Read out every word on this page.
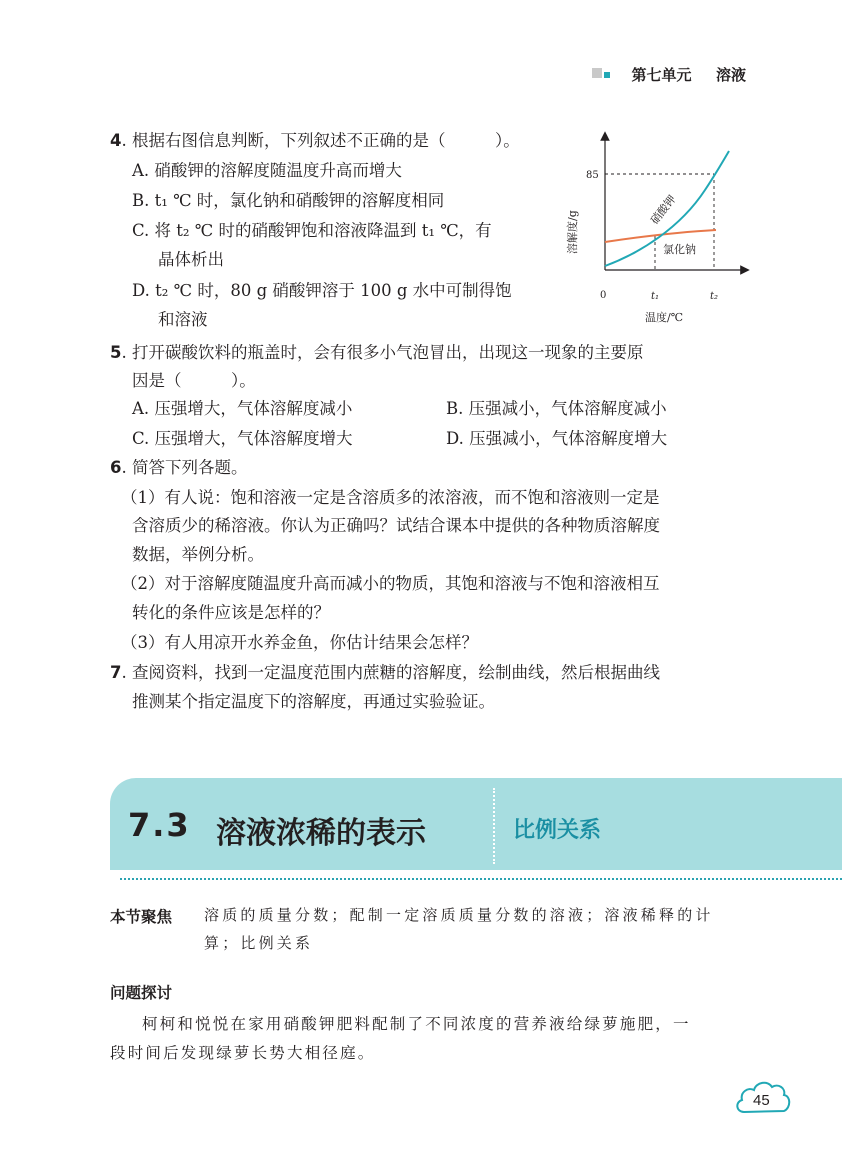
第七单元 溶液
4. 根据右图信息判断，下列叙述不正确的是（　　　）。
A. 硝酸钾的溶解度随温度升高而增大
B. t₁ ℃ 时，氯化钠和硝酸钾的溶解度相同
C. 将 t₂ ℃ 时的硝酸钾饱和溶液降温到 t₁ ℃，有
晶体析出
D. t₂ ℃ 时，80 g 硝酸钾溶于 100 g 水中可制得饱
和溶液
85
0	t₁	t₂
温度/℃
溶解度/g
硝酸钾
氯化钠
5. 打开碳酸饮料的瓶盖时，会有很多小气泡冒出，出现这一现象的主要原
因是（　　　）。
A. 压强增大，气体溶解度减小	B. 压强减小，气体溶解度减小
C. 压强增大，气体溶解度增大	D. 压强减小，气体溶解度增大
6. 简答下列各题。
（1）有人说：饱和溶液一定是含溶质多的浓溶液，而不饱和溶液则一定是
含溶质少的稀溶液。你认为正确吗？试结合课本中提供的各种物质溶解度
数据，举例分析。
（2）对于溶解度随温度升高而减小的物质，其饱和溶液与不饱和溶液相互
转化的条件应该是怎样的？
（3）有人用凉开水养金鱼，你估计结果会怎样？
7. 查阅资料，找到一定温度范围内蔗糖的溶解度，绘制曲线，然后根据曲线
推测某个指定温度下的溶解度，再通过实验验证。
7.3 溶液浓稀的表示	比例关系
本节聚焦 溶质的质量分数；配制一定溶质质量分数的溶液；溶液稀释的计
算；比例关系
问题探讨
柯柯和悦悦在家用硝酸钾肥料配制了不同浓度的营养液给绿萝施肥，一
段时间后发现绿萝长势大相径庭。
45
